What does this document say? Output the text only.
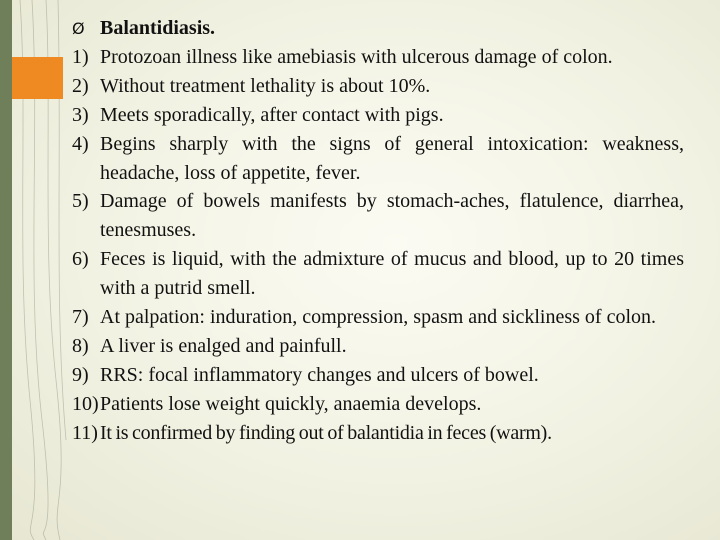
Ø Balantidiasis.
1) Protozoan illness like amebiasis with ulcerous damage of colon.
2) Without treatment lethality is about 10%.
3) Meets sporadically, after contact with pigs.
4) Begins sharply with the signs of general intoxication: weakness, headache, loss of appetite, fever.
5) Damage of bowels manifests by stomach-aches, flatulence, diarrhea, tenesmuses.
6) Feces is liquid, with the admixture of mucus and blood, up to 20 times with a putrid smell.
7) At palpation: induration, compression, spasm and sickliness of colon.
8) A liver is enalged and painfull.
9) RRS: focal inflammatory changes and ulcers of bowel.
10) Patients lose weight quickly, anaemia develops.
11) It is confirmed by finding out of balantidia in feces (warm).
